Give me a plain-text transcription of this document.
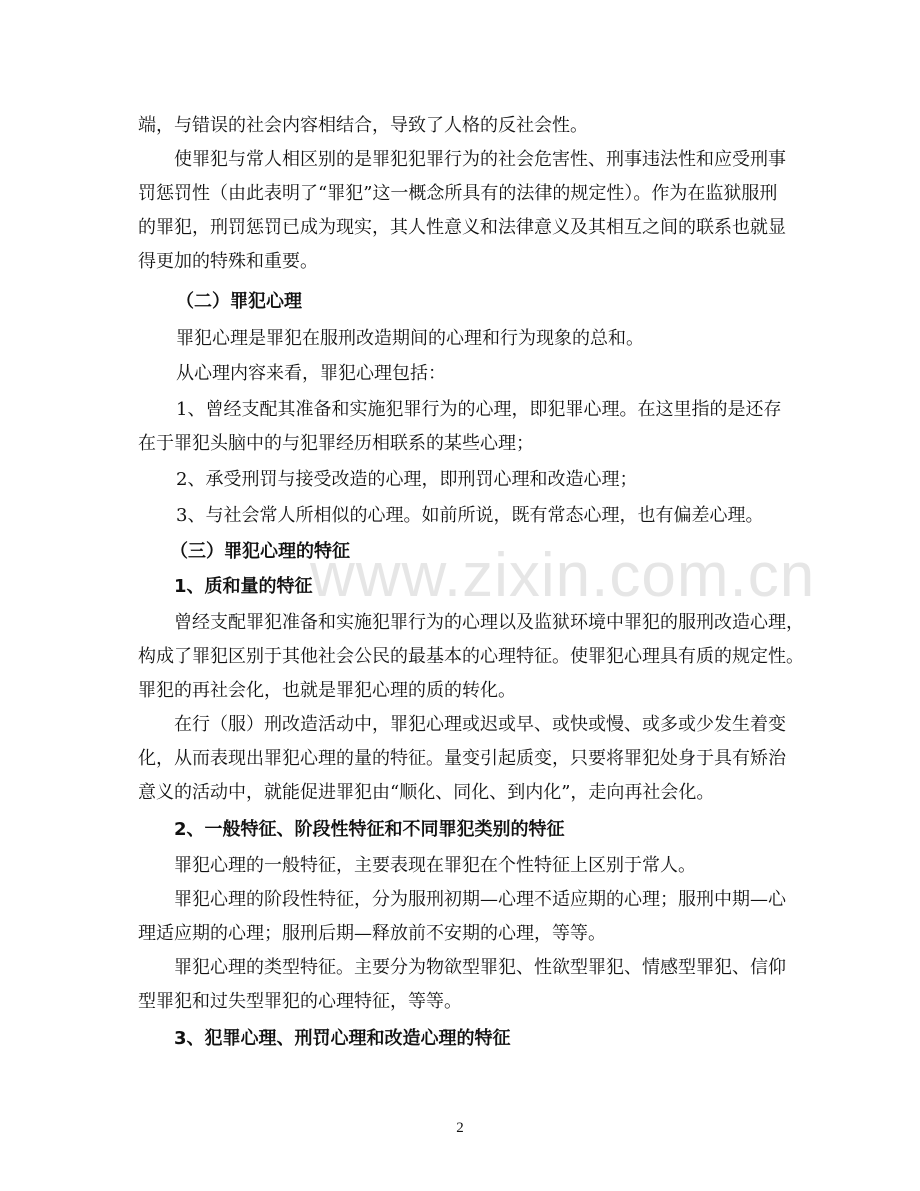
www.zixin.com.cn
端，与错误的社会内容相结合，导致了人格的反社会性。
使罪犯与常人相区别的是罪犯犯罪行为的社会危害性、刑事违法性和应受刑事
罚惩罚性（由此表明了“罪犯”这一概念所具有的法律的规定性）。作为在监狱服刑
的罪犯，刑罚惩罚已成为现实，其人性意义和法律意义及其相互之间的联系也就显
得更加的特殊和重要。
（二）罪犯心理
罪犯心理是罪犯在服刑改造期间的心理和行为现象的总和。
从心理内容来看，罪犯心理包括：
1、曾经支配其准备和实施犯罪行为的心理，即犯罪心理。在这里指的是还存
在于罪犯头脑中的与犯罪经历相联系的某些心理；
2、承受刑罚与接受改造的心理，即刑罚心理和改造心理；
3、与社会常人所相似的心理。如前所说，既有常态心理，也有偏差心理。
（三）罪犯心理的特征
1、质和量的特征
曾经支配罪犯准备和实施犯罪行为的心理以及监狱环境中罪犯的服刑改造心理，
构成了罪犯区别于其他社会公民的最基本的心理特征。使罪犯心理具有质的规定性。
罪犯的再社会化，也就是罪犯心理的质的转化。
在行（服）刑改造活动中，罪犯心理或迟或早、或快或慢、或多或少发生着变
化，从而表现出罪犯心理的量的特征。量变引起质变，只要将罪犯处身于具有矫治
意义的活动中，就能促进罪犯由“顺化、同化、到内化”，走向再社会化。
2、一般特征、阶段性特征和不同罪犯类别的特征
罪犯心理的一般特征，主要表现在罪犯在个性特征上区别于常人。
罪犯心理的阶段性特征，分为服刑初期—心理不适应期的心理；服刑中期—心
理适应期的心理；服刑后期—释放前不安期的心理，等等。
罪犯心理的类型特征。主要分为物欲型罪犯、性欲型罪犯、情感型罪犯、信仰
型罪犯和过失型罪犯的心理特征，等等。
3、犯罪心理、刑罚心理和改造心理的特征
2
